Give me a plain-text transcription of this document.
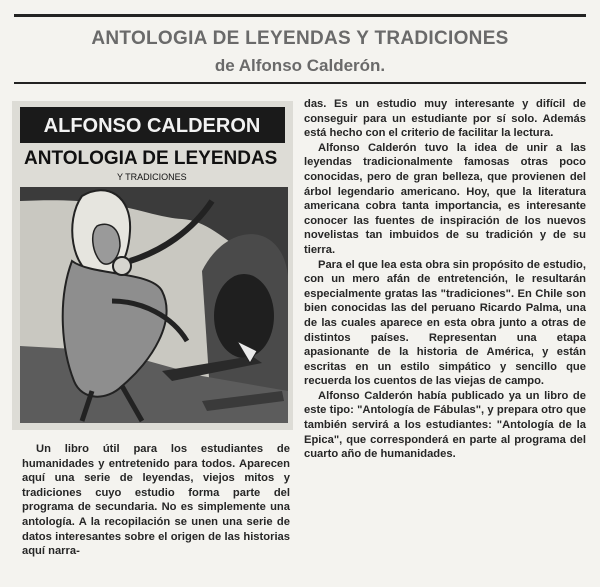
ANTOLOGIA DE LEYENDAS Y TRADICIONES
de Alfonso Calderón.
ALFONSO CALDERON
ANTOLOGIA DE LEYENDAS
Y TRADICIONES

Un libro útil para los estudiantes de humanidades y entretenido para todos. Aparecen aquí una serie de leyendas, viejos mitos y tradiciones cuyo estudio forma parte del programa de secundaria. No es simplemente una antología. A la recopilación se unen una serie de datos interesantes sobre el origen de las historias aquí narra-

das. Es un estudio muy interesante y difícil de conseguir para un estudiante por sí solo. Además está hecho con el criterio de facilitar la lectura.

Alfonso Calderón tuvo la idea de unir a las leyendas tradicionalmente famosas otras poco conocidas, pero de gran belleza, que provienen del árbol legendario americano. Hoy, que la literatura americana cobra tanta importancia, es interesante conocer las fuentes de inspiración de los nuevos novelistas tan imbuidos de su tradición y de su tierra.

Para el que lea esta obra sin propósito de estudio, con un mero afán de entretención, le resultarán especialmente gratas las "tradiciones". En Chile son bien conocidas las del peruano Ricardo Palma, una de las cuales aparece en esta obra junto a otras de distintos países. Representan una etapa apasionante de la historia de América, y están escritas en un estilo simpático y sencillo que recuerda los cuentos de las viejas de campo.

Alfonso Calderón había publicado ya un libro de este tipo: "Antología de Fábulas", y prepara otro que también servirá a los estudiantes: "Antología de la Epica", que corresponderá en parte al programa del cuarto año de humanidades.
